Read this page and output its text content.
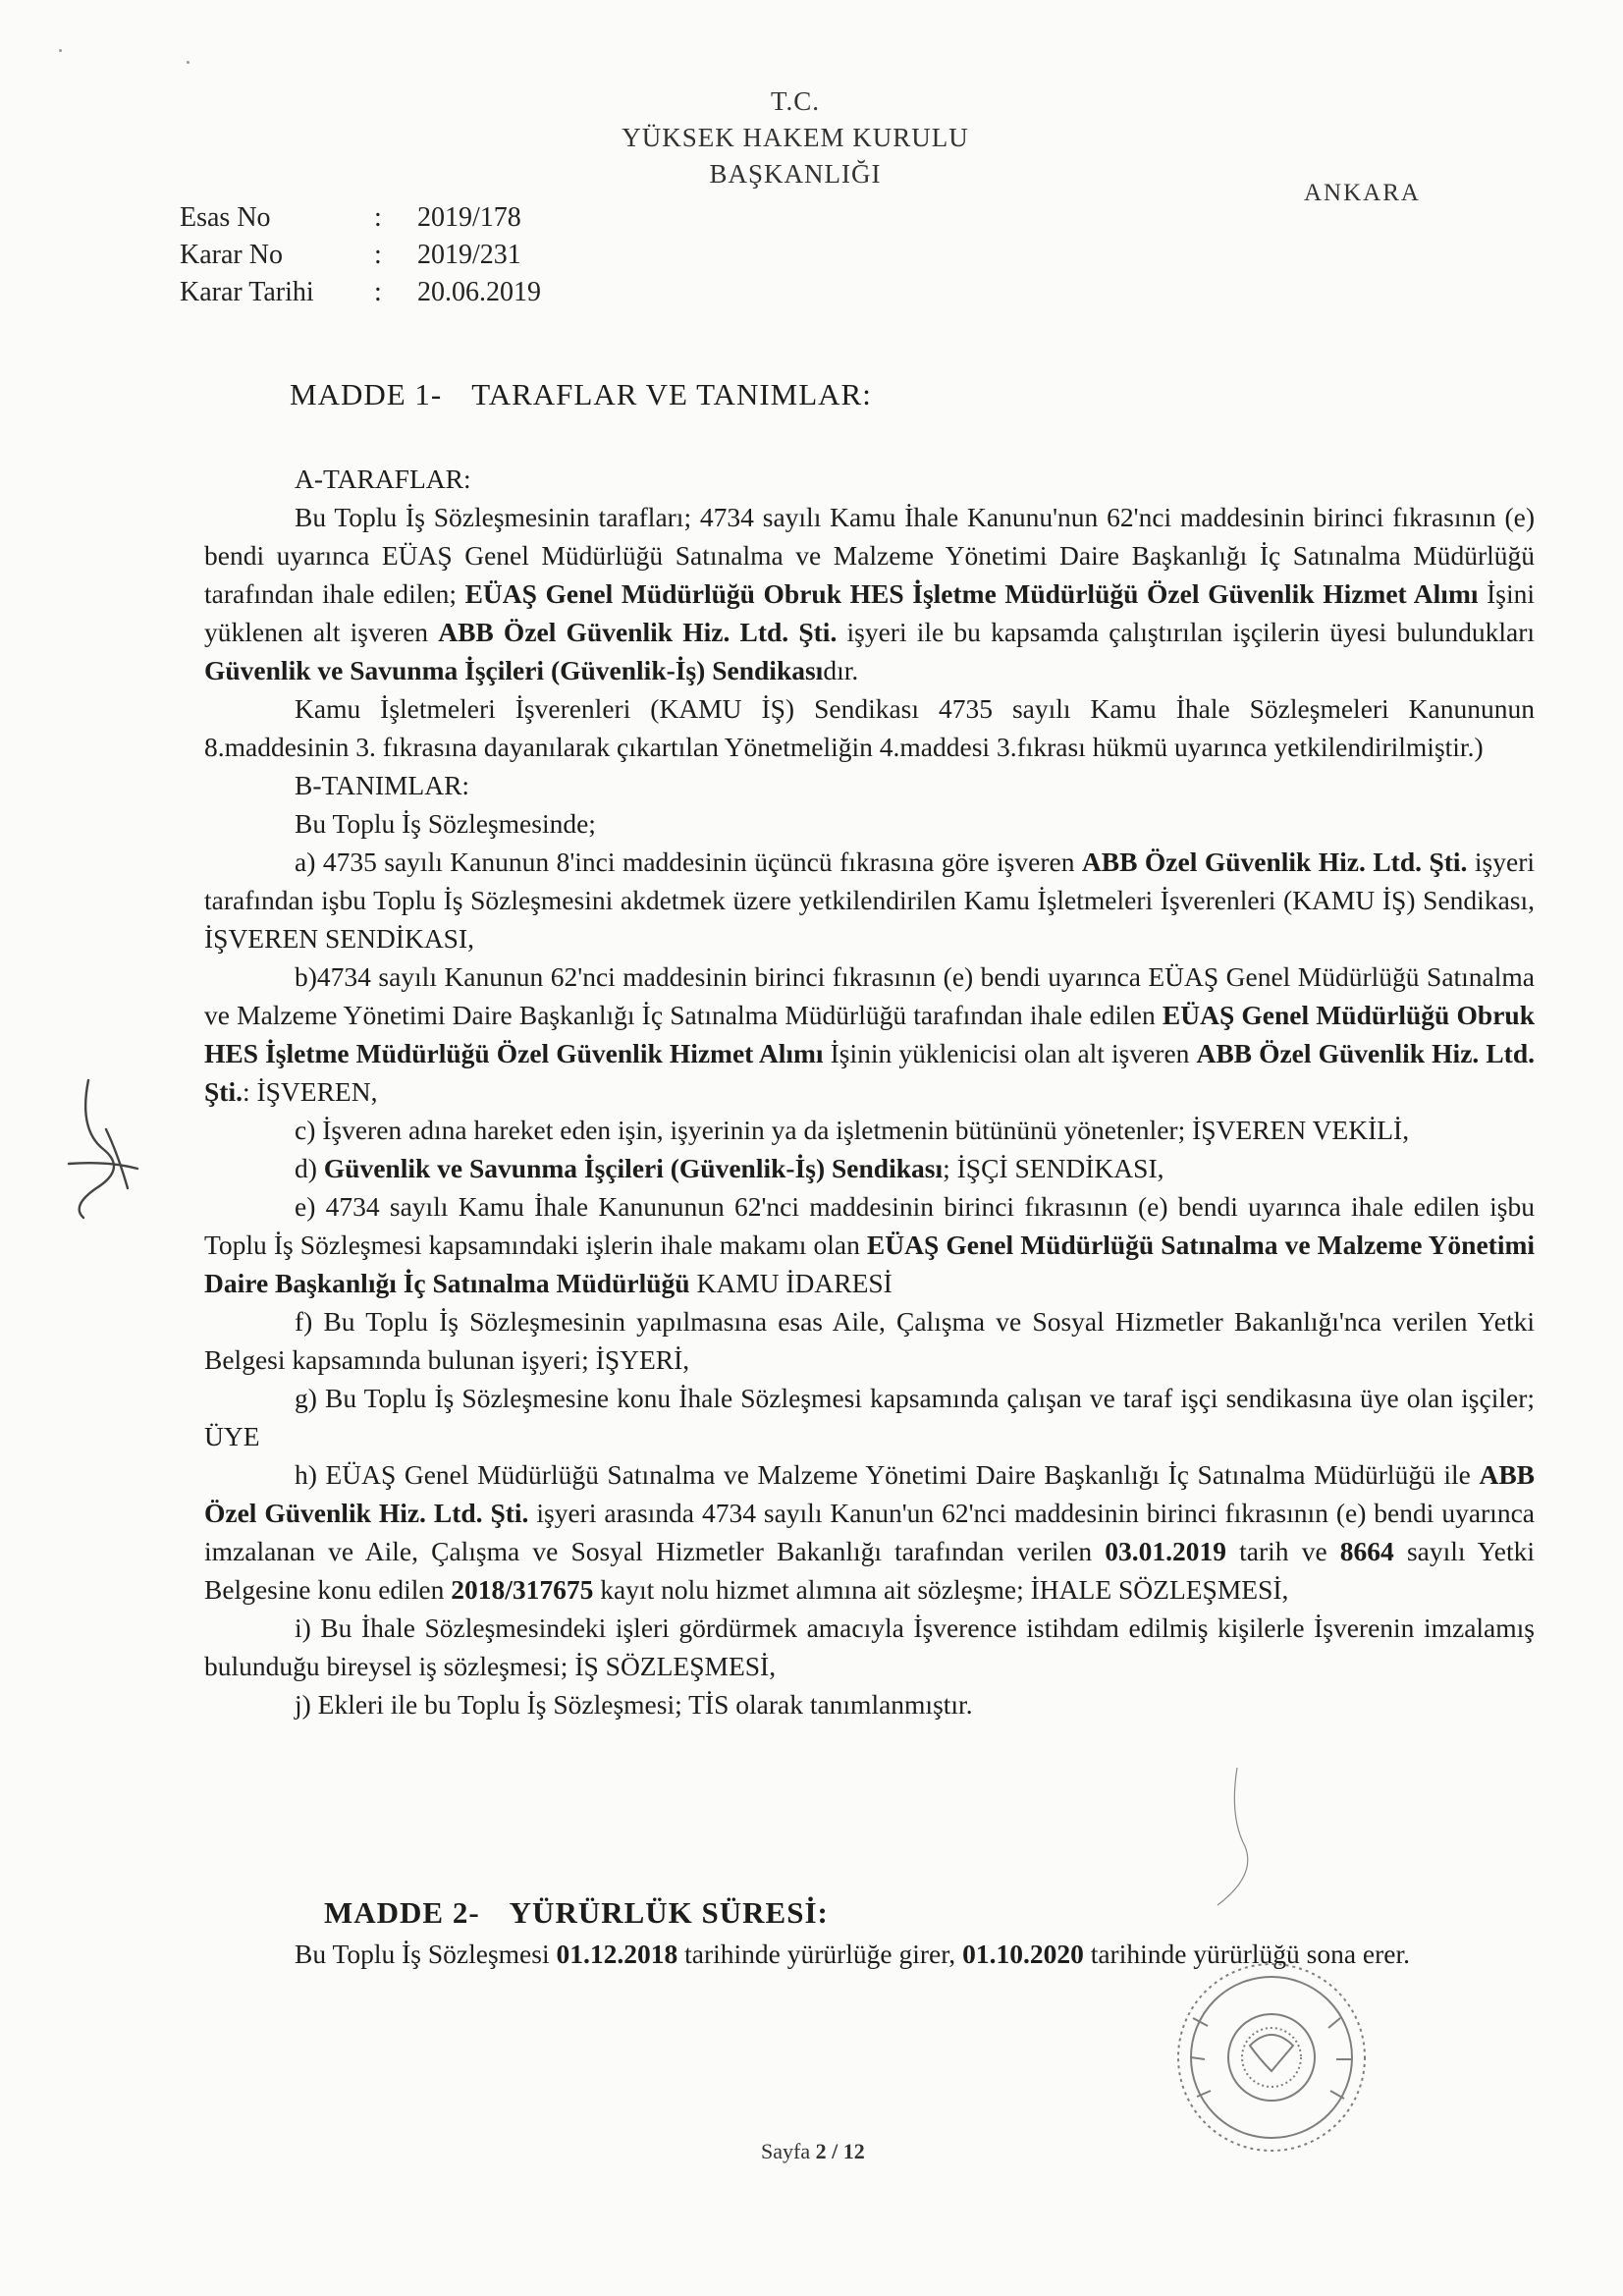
T.C.
YÜKSEK HAKEM KURULU
BAŞKANLIĞI
ANKARA
Esas No	:	2019/178
Karar No	:	2019/231
Karar Tarihi	:	20.06.2019
MADDE 1- TARAFLAR VE TANIMLAR:

A-TARAFLAR:

Bu Toplu İş Sözleşmesinin tarafları; 4734 sayılı Kamu İhale Kanunu'nun 62'nci maddesinin birinci fıkrasının (e) bendi uyarınca EÜAŞ Genel Müdürlüğü Satınalma ve Malzeme Yönetimi Daire Başkanlığı İç Satınalma Müdürlüğü tarafından ihale edilen; EÜAŞ Genel Müdürlüğü Obruk HES İşletme Müdürlüğü Özel Güvenlik Hizmet Alımı İşini yüklenen alt işveren ABB Özel Güvenlik Hiz. Ltd. Şti. işyeri ile bu kapsamda çalıştırılan işçilerin üyesi bulundukları Güvenlik ve Savunma İşçileri (Güvenlik-İş) Sendikasıdır.

Kamu İşletmeleri İşverenleri (KAMU İŞ) Sendikası 4735 sayılı Kamu İhale Sözleşmeleri Kanununun 8.maddesinin 3. fıkrasına dayanılarak çıkartılan Yönetmeliğin 4.maddesi 3.fıkrası hükmü uyarınca yetkilendirilmiştir.)

B-TANIMLAR:

Bu Toplu İş Sözleşmesinde;

a) 4735 sayılı Kanunun 8'inci maddesinin üçüncü fıkrasına göre işveren ABB Özel Güvenlik Hiz. Ltd. Şti. işyeri tarafından işbu Toplu İş Sözleşmesini akdetmek üzere yetkilendirilen Kamu İşletmeleri İşverenleri (KAMU İŞ) Sendikası, İŞVEREN SENDİKASI,

b)4734 sayılı Kanunun 62'nci maddesinin birinci fıkrasının (e) bendi uyarınca EÜAŞ Genel Müdürlüğü Satınalma ve Malzeme Yönetimi Daire Başkanlığı İç Satınalma Müdürlüğü tarafından ihale edilen EÜAŞ Genel Müdürlüğü Obruk HES İşletme Müdürlüğü Özel Güvenlik Hizmet Alımı İşinin yüklenicisi olan alt işveren ABB Özel Güvenlik Hiz. Ltd. Şti.: İŞVEREN,

c) İşveren adına hareket eden işin, işyerinin ya da işletmenin bütününü yönetenler; İŞVEREN VEKİLİ,

d) Güvenlik ve Savunma İşçileri (Güvenlik-İş) Sendikası; İŞÇİ SENDİKASI,

e) 4734 sayılı Kamu İhale Kanununun 62'nci maddesinin birinci fıkrasının (e) bendi uyarınca ihale edilen işbu Toplu İş Sözleşmesi kapsamındaki işlerin ihale makamı olan EÜAŞ Genel Müdürlüğü Satınalma ve Malzeme Yönetimi Daire Başkanlığı İç Satınalma Müdürlüğü KAMU İDARESİ

f) Bu Toplu İş Sözleşmesinin yapılmasına esas Aile, Çalışma ve Sosyal Hizmetler Bakanlığı'nca verilen Yetki Belgesi kapsamında bulunan işyeri; İŞYERİ,

g) Bu Toplu İş Sözleşmesine konu İhale Sözleşmesi kapsamında çalışan ve taraf işçi sendikasına üye olan işçiler; ÜYE

h) EÜAŞ Genel Müdürlüğü Satınalma ve Malzeme Yönetimi Daire Başkanlığı İç Satınalma Müdürlüğü ile ABB Özel Güvenlik Hiz. Ltd. Şti. işyeri arasında 4734 sayılı Kanun'un 62'nci maddesinin birinci fıkrasının (e) bendi uyarınca imzalanan ve Aile, Çalışma ve Sosyal Hizmetler Bakanlığı tarafından verilen 03.01.2019 tarih ve 8664 sayılı Yetki Belgesine konu edilen 2018/317675 kayıt nolu hizmet alımına ait sözleşme; İHALE SÖZLEŞMESİ,

i) Bu İhale Sözleşmesindeki işleri gördürmek amacıyla İşverence istihdam edilmiş kişilerle İşverenin imzalamış bulunduğu bireysel iş sözleşmesi; İŞ SÖZLEŞMESİ,

j) Ekleri ile bu Toplu İş Sözleşmesi; TİS olarak tanımlanmıştır.

MADDE 2- YÜRÜRLÜK SÜRESİ:

Bu Toplu İş Sözleşmesi 01.12.2018 tarihinde yürürlüğe girer, 01.10.2020 tarihinde yürürlüğü sona erer.

Sayfa 2 / 12
